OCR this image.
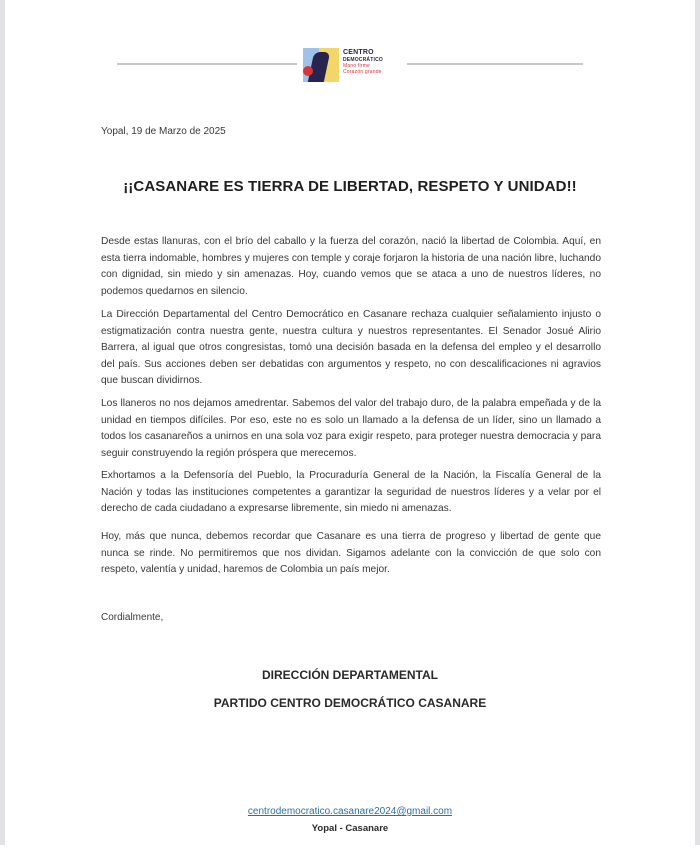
CENTRO
DEMOCRÁTICO
Mano firme
Corazón grande
Yopal, 19 de Marzo de 2025
¡¡CASANARE ES TIERRA DE LIBERTAD, RESPETO Y UNIDAD!!
Desde estas llanuras, con el brío del caballo y la fuerza del corazón, nació la libertad de Colombia. Aquí, en esta tierra indomable, hombres y mujeres con temple y coraje forjaron la historia de una nación libre, luchando con dignidad, sin miedo y sin amenazas. Hoy, cuando vemos que se ataca a uno de nuestros líderes, no podemos quedarnos en silencio.
La Dirección Departamental del Centro Democrático en Casanare rechaza cualquier señalamiento injusto o estigmatización contra nuestra gente, nuestra cultura y nuestros representantes. El Senador Josué Alirio Barrera, al igual que otros congresistas, tomó una decisión basada en la defensa del empleo y el desarrollo del país. Sus acciones deben ser debatidas con argumentos y respeto, no con descalificaciones ni agravios que buscan dividirnos.
Los llaneros no nos dejamos amedrentar. Sabemos del valor del trabajo duro, de la palabra empeñada y de la unidad en tiempos difíciles. Por eso, este no es solo un llamado a la defensa de un líder, sino un llamado a todos los casanareños a unirnos en una sola voz para exigir respeto, para proteger nuestra democracia y para seguir construyendo la región próspera que merecemos.
Exhortamos a la Defensoría del Pueblo, la Procuraduría General de la Nación, la Fiscalía General de la Nación y todas las instituciones competentes a garantizar la seguridad de nuestros líderes y a velar por el derecho de cada ciudadano a expresarse libremente, sin miedo ni amenazas.
Hoy, más que nunca, debemos recordar que Casanare es una tierra de progreso y libertad de gente que nunca se rinde. No permitiremos que nos dividan. Sigamos adelante con la convicción de que solo con respeto, valentía y unidad, haremos de Colombia un país mejor.
Cordialmente,
DIRECCIÓN DEPARTAMENTAL
PARTIDO CENTRO DEMOCRÁTICO CASANARE
centrodemocratico.casanare2024@gmail.com
Yopal - Casanare
